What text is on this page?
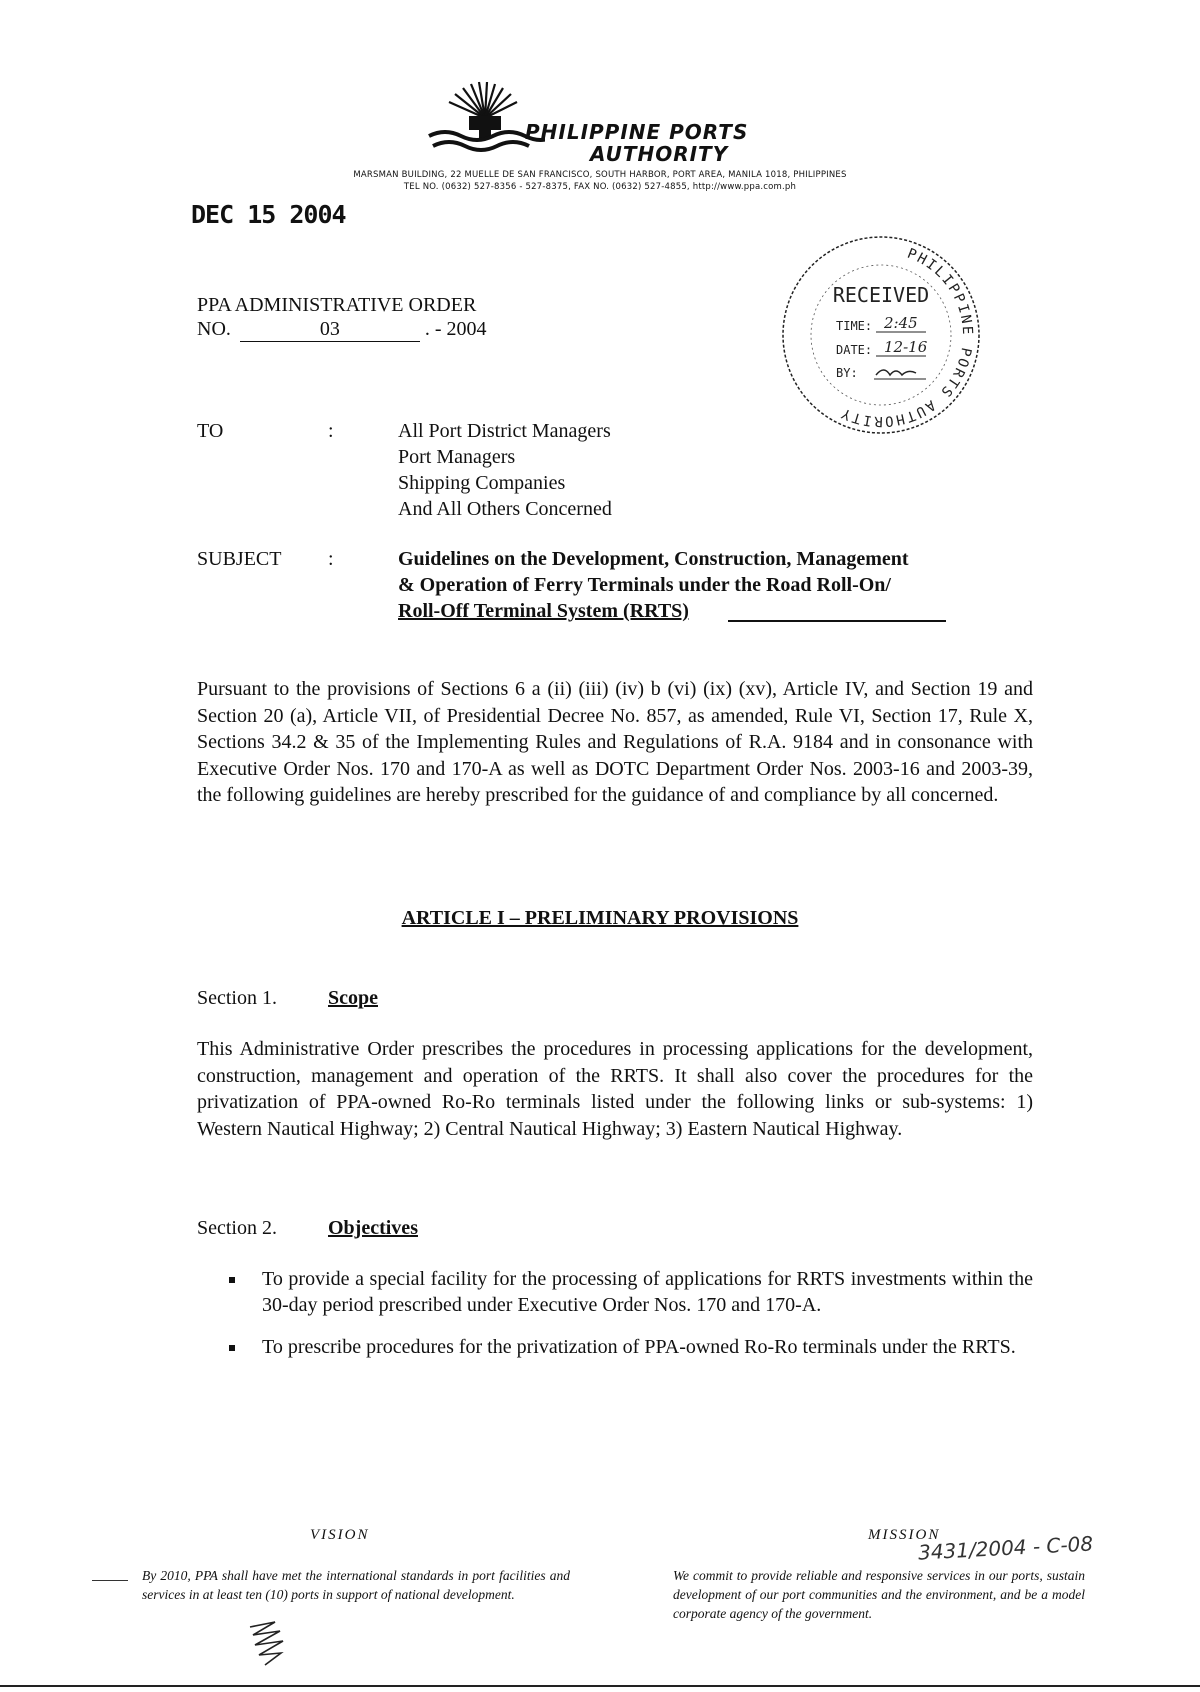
PHILIPPINE PORTS
AUTHORITY
MARSMAN BUILDING, 22 MUELLE DE SAN FRANCISCO, SOUTH HARBOR, PORT AREA, MANILA 1018, PHILIPPINES
TEL NO. (0632) 527-8356 - 527-8375, FAX NO. (0632) 527-4855, http://www.ppa.com.ph
DEC 15 2004
PHILIPPINE PORTS AUTHORITY
RECEIVED
TIME: 2:45
DATE: 12-16
BY:
PPA ADMINISTRATIVE ORDER
NO.	03	. - 2004
TO	:	All Port District Managers
Port Managers
Shipping Companies
And All Others Concerned
SUBJECT :	Guidelines on the Development, Construction, Management
& Operation of Ferry Terminals under the Road Roll-On/
Roll-Off Terminal System (RRTS)
Pursuant to the provisions of Sections 6 a (ii) (iii) (iv) b (vi) (ix) (xv), Article IV, and Section 19 and Section 20 (a), Article VII, of Presidential Decree No. 857, as amended, Rule VI, Section 17, Rule X, Sections 34.2 & 35 of the Implementing Rules and Regulations of R.A. 9184 and in consonance with Executive Order Nos. 170 and 170-A as well as DOTC Department Order Nos. 2003-16 and 2003-39, the following guidelines are hereby prescribed for the guidance of and compliance by all concerned.
ARTICLE I – PRELIMINARY PROVISIONS
Section 1.	Scope
This Administrative Order prescribes the procedures in processing applications for the development, construction, management and operation of the RRTS. It shall also cover the procedures for the privatization of PPA-owned Ro-Ro terminals listed under the following links or sub-systems: 1) Western Nautical Highway; 2) Central Nautical Highway; 3) Eastern Nautical Highway.
Section 2.	Objectives
To provide a special facility for the processing of applications for RRTS investments within the 30-day period prescribed under Executive Order Nos. 170 and 170-A.
To prescribe procedures for the privatization of PPA-owned Ro-Ro terminals under the RRTS.
VISION	MISSION
3431/2004 - C-08
By 2010, PPA shall have met the international standards in port facilities and services in at least ten (10) ports in support of national development.
We commit to provide reliable and responsive services in our ports, sustain development of our port communities and the environment, and be a model corporate agency of the government.
